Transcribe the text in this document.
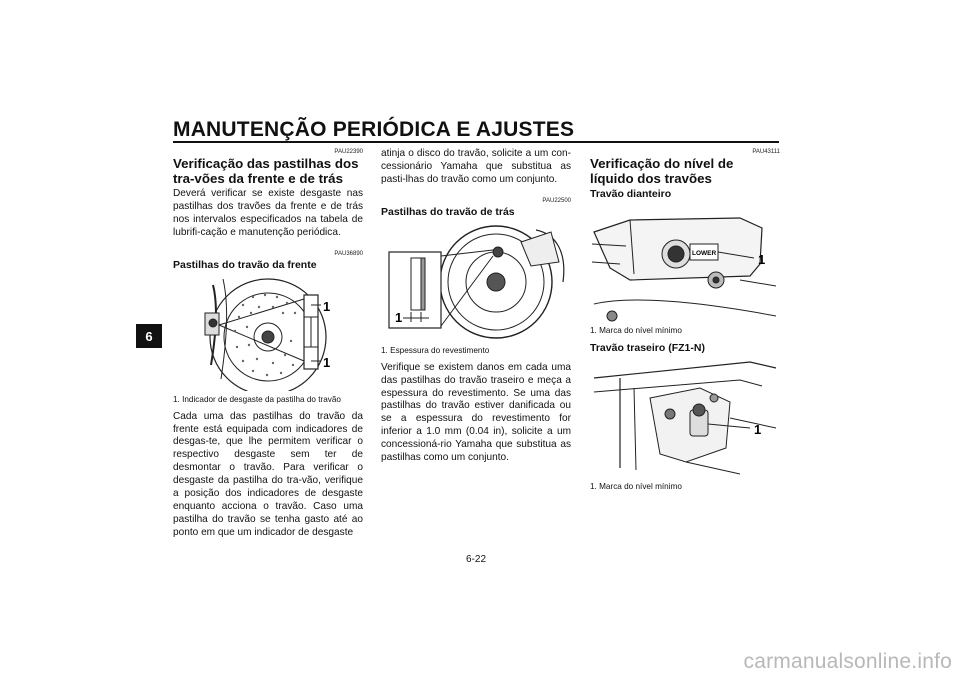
MANUTENÇÃO PERIÓDICA E AJUSTES
6
PAU22390
Verificação das pastilhas dos tra-vões da frente e de trás
Deverá verificar se existe desgaste nas pastilhas dos travões da frente e de trás nos intervalos especificados na tabela de lubrifi-cação e manutenção periódica.
PAU36890
Pastilhas do travão da frente
1
1
1. Indicador de desgaste da pastilha do travão
Cada uma das pastilhas do travão da frente está equipada com indicadores de desgas-te, que lhe permitem verificar o respectivo desgaste sem ter de desmontar o travão. Para verificar o desgaste da pastilha do tra-vão, verifique a posição dos indicadores de desgaste enquanto acciona o travão. Caso uma pastilha do travão se tenha gasto até ao ponto em que um indicador de desgaste
atinja o disco do travão, solicite a um con-cessionário Yamaha que substitua as pasti-lhas do travão como um conjunto.
PAU22500
Pastilhas do travão de trás
1
1. Espessura do revestimento
Verifique se existem danos em cada uma das pastilhas do travão traseiro e meça a espessura do revestimento. Se uma das pastilhas do travão estiver danificada ou se a espessura do revestimento for inferior a 1.0 mm (0.04 in), solicite a um concessioná-rio Yamaha que substitua as pastilhas como um conjunto.
PAU43111
Verificação do nível de líquido dos travões
Travão dianteiro
LOWER	1
1. Marca do nível mínimo
Travão traseiro (FZ1-N)
1
1. Marca do nível mínimo
6-22
carmanualsonline.info
